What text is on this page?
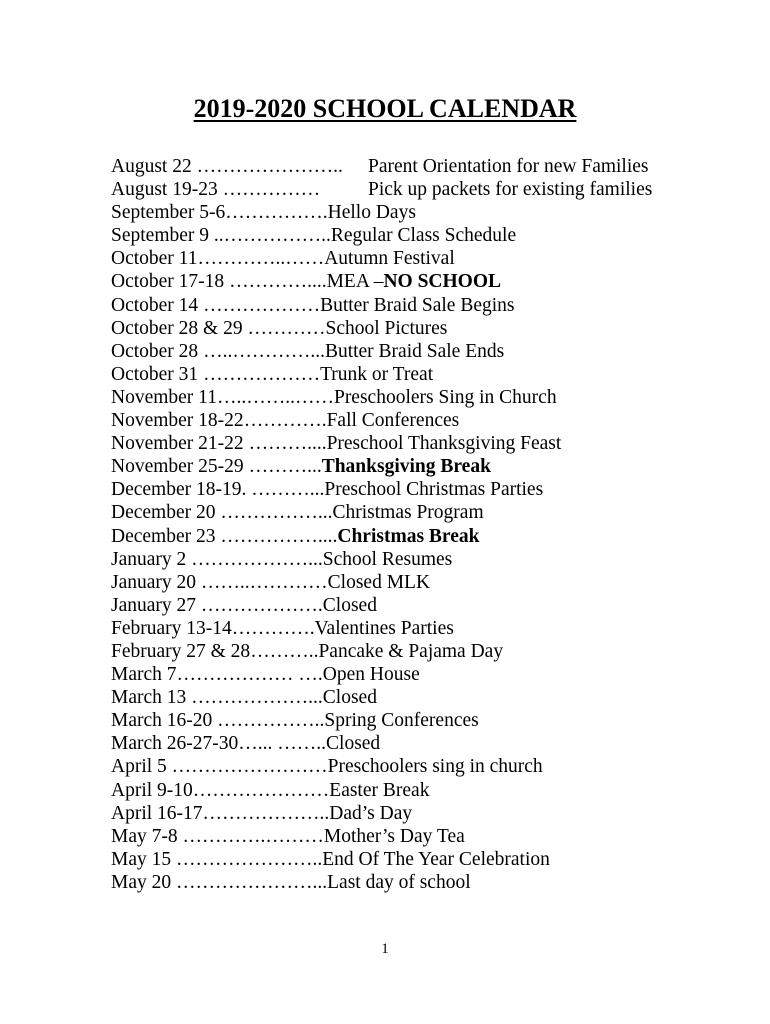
2019-2020 SCHOOL CALENDAR
August 22 …………………..	Parent Orientation for new Families
August 19-23 ……………	Pick up packets for existing families
September 5-6……………. Hello Days
September 9 ..…………….. Regular Class Schedule
October 11…………..…… Autumn Festival
October 17-18 ………….... MEA –NO SCHOOL
October 14 ……………… Butter Braid Sale Begins
October 28 & 29 ………… School Pictures
October 28 …..…………... Butter Braid Sale Ends
October 31 ……………… Trunk or Treat
November 11…..……..…… Preschoolers Sing in Church
November 18-22…………. Fall Conferences
November 21-22 ……….... Preschool Thanksgiving Feast
November 25-29 ………... Thanksgiving Break
December 18-19. ………... Preschool Christmas Parties
December 20 ……………. ..Christmas Program
December 23 …………….... Christmas Break
January 2 ………………... School Resumes
January 20 ……..………… Closed MLK
January 27 ………………. Closed
February 13-14…………. Valentines Parties
February 27 & 28……….. Pancake & Pajama Day
March 7……………… …. Open House
March 13 ………………... Closed
March 16-20 …………….. Spring Conferences
March 26-27-30…... …….. Closed
April 5 …………………… Preschoolers sing in church
April 9-10………………… Easter Break
April 16-17……………….. Dad’s Day
May 7-8 ………….……… Mother’s Day Tea
May 15 ………………….. End Of The Year Celebration
May 20 …………………... Last day of school
1
